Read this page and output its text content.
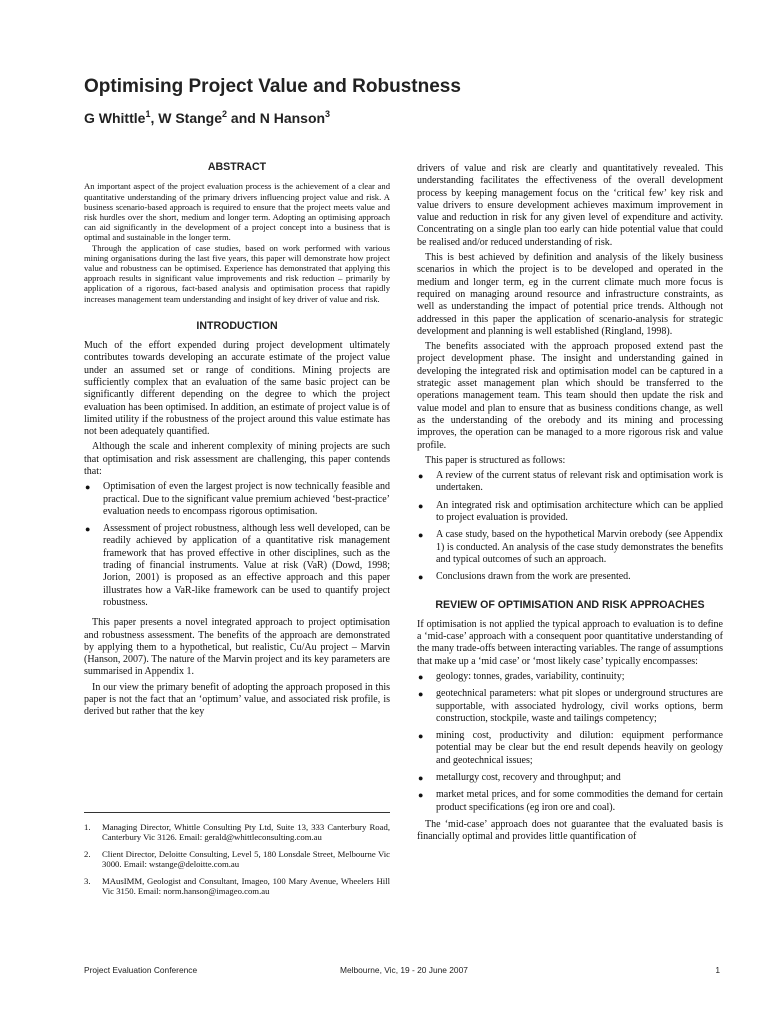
Optimising Project Value and Robustness
G Whittle$^1$, W Stange$^2$ and N Hanson$^3$
ABSTRACT

An important aspect of the project evaluation process is the achievement of a clear and quantitative understanding of the primary drivers influencing project value and risk. A business scenario-based approach is required to ensure that the project meets value and risk hurdles over the short, medium and longer term. Adopting an optimising approach can aid significantly in the development of a project concept into a business that is optimal and sustainable in the longer term.

Through the application of case studies, based on work performed with various mining organisations during the last five years, this paper will demonstrate how project value and robustness can be optimised. Experience has demonstrated that applying this approach results in significant value improvements and risk reduction – primarily by application of a rigorous, fact-based analysis and optimisation process that rapidly increases management team understanding and insight of key driver of value and risk.

INTRODUCTION

Much of the effort expended during project development ultimately contributes towards developing an accurate estimate of the project value under an assumed set or range of conditions. Mining projects are sufficiently complex that an evaluation of the same basic project can be significantly different depending on the degree to which the project evaluation has been optimised. In addition, an estimate of project value is of limited utility if the robustness of the project around this value estimate has not been adequately quantified.

Although the scale and inherent complexity of mining projects are such that optimisation and risk assessment are challenging, this paper contends that:

● Optimisation of even the largest project is now technically feasible and practical. Due to the significant value premium achieved ‘best-practice’ evaluation needs to encompass rigorous optimisation.
● Assessment of project robustness, although less well developed, can be readily achieved by application of a quantitative risk management framework that has proved effective in other disciplines, such as the trading of financial instruments. Value at risk (VaR) (Dowd, 1998; Jorion, 2001) is proposed as an effective approach and this paper illustrates how a VaR-like framework can be used to quantify project robustness.

This paper presents a novel integrated approach to project optimisation and robustness assessment. The benefits of the approach are demonstrated by applying them to a hypothetical, but realistic, Cu/Au project – Marvin (Hanson, 2007). The nature of the Marvin project and its key parameters are summarised in Appendix 1.

In our view the primary benefit of adopting the approach proposed in this paper is not the fact that an ‘optimum’ value, and associated risk profile, is derived but rather that the key

1. Managing Director, Whittle Consulting Pty Ltd, Suite 13, 333 Canterbury Road, Canterbury Vic 3126. Email: gerald@whittleconsulting.com.au
2. Client Director, Deloitte Consulting, Level 5, 180 Lonsdale Street, Melbourne Vic 3000. Email: wstange@deloitte.com.au
3. MAusIMM, Geologist and Consultant, Imageo, 100 Mary Avenue, Wheelers Hill Vic 3150. Email: norm.hanson@imageo.com.au

drivers of value and risk are clearly and quantitatively revealed. This understanding facilitates the effectiveness of the overall development process by keeping management focus on the ‘critical few’ key risk and value drivers to ensure development achieves maximum improvement in value and reduction in risk for any given level of expenditure and activity. Concentrating on a single plan too early can hide potential value that could be realised and/or reduced understanding of risk.

This is best achieved by definition and analysis of the likely business scenarios in which the project is to be developed and operated in the medium and longer term, eg in the current climate much more focus is required on managing around resource and infrastructure constraints, as well as understanding the impact of potential price trends. Although not addressed in this paper the application of scenario-analysis for strategic development and planning is well established (Ringland, 1998).

The benefits associated with the approach proposed extend past the project development phase. The insight and understanding gained in developing the integrated risk and optimisation model can be captured in a strategic asset management plan which should be transferred to the operations management team. This team should then update the risk and value model and plan to ensure that as business conditions change, as well as the understanding of the orebody and its mining and processing improves, the operation can be managed to a more rigorous risk and value profile.

This paper is structured as follows:

● A review of the current status of relevant risk and optimisation work is undertaken.
● An integrated risk and optimisation architecture which can be applied to project evaluation is provided.
● A case study, based on the hypothetical Marvin orebody (see Appendix 1) is conducted. An analysis of the case study demonstrates the benefits and typical outcomes of such an approach.
● Conclusions drawn from the work are presented.
REVIEW OF OPTIMISATION AND RISK APPROACHES

If optimisation is not applied the typical approach to evaluation is to define a ‘mid-case’ approach with a consequent poor quantitative understanding of the many trade-offs between interacting variables. The range of assumptions that make up a ‘mid case’ or ‘most likely case’ typically encompasses:

● geology: tonnes, grades, variability, continuity;
● geotechnical parameters: what pit slopes or underground structures are supportable, with associated hydrology, civil works options, berm construction, stockpile, waste and tailings competency;
● mining cost, productivity and dilution: equipment performance potential may be clear but the end result depends heavily on geology and geotechnical issues;
● metallurgy cost, recovery and throughput; and
● market metal prices, and for some commodities the demand for certain product specifications (eg iron ore and coal).

The ‘mid-case’ approach does not guarantee that the evaluated basis is financially optimal and provides little quantification of

Project Evaluation Conference	Melbourne, Vic, 19 - 20 June 2007	1
